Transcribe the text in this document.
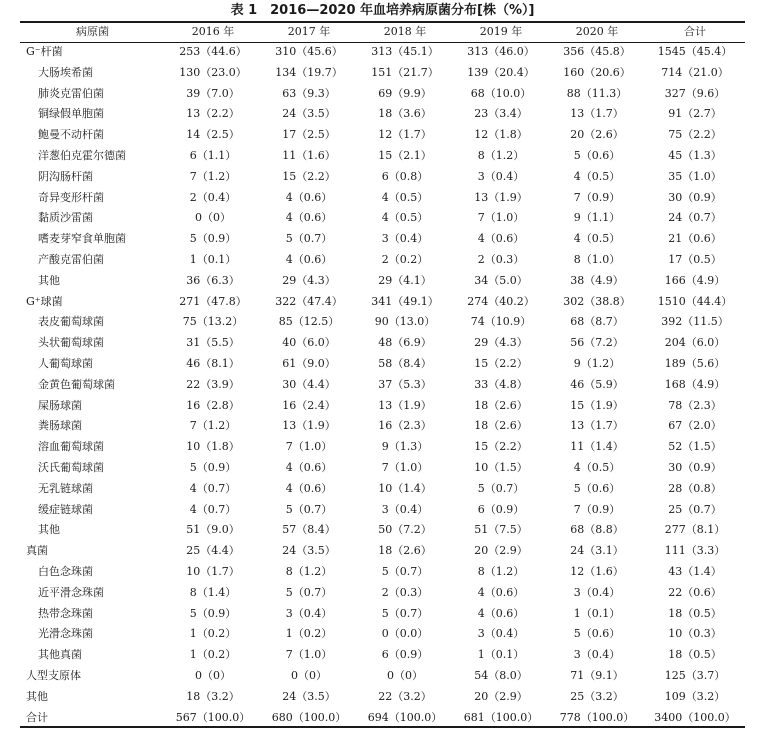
表 1　2016—2020 年血培养病原菌分布[株（%）]
病原菌	2016 年	2017 年	2018 年	2019 年	2020 年	合计
G⁻杆菌	253（44.6）	310（45.6）	313（45.1）	313（46.0）	356（45.8）	1545（45.4）
大肠埃希菌	130（23.0）	134（19.7）	151（21.7）	139（20.4）	160（20.6）	714（21.0）
肺炎克雷伯菌	39（7.0）	63（9.3）	69（9.9）	68（10.0）	88（11.3）	327（9.6）
铜绿假单胞菌	13（2.2）	24（3.5）	18（3.6）	23（3.4）	13（1.7）	91（2.7）
鲍曼不动杆菌	14（2.5）	17（2.5）	12（1.7）	12（1.8）	20（2.6）	75（2.2）
洋葱伯克霍尔德菌	6（1.1）	11（1.6）	15（2.1）	8（1.2）	5（0.6）	45（1.3）
阴沟肠杆菌	7（1.2）	15（2.2）	6（0.8）	3（0.4）	4（0.5）	35（1.0）
奇异变形杆菌	2（0.4）	4（0.6）	4（0.5）	13（1.9）	7（0.9）	30（0.9）
黏质沙雷菌	0（0）	4（0.6）	4（0.5）	7（1.0）	9（1.1）	24（0.7）
嗜麦芽窄食单胞菌	5（0.9）	5（0.7）	3（0.4）	4（0.6）	4（0.5）	21（0.6）
产酸克雷伯菌	1（0.1）	4（0.6）	2（0.2）	2（0.3）	8（1.0）	17（0.5）
其他	36（6.3）	29（4.3）	29（4.1）	34（5.0）	38（4.9）	166（4.9）
G⁺球菌	271（47.8）	322（47.4）	341（49.1）	274（40.2）	302（38.8）	1510（44.4）
表皮葡萄球菌	75（13.2）	85（12.5）	90（13.0）	74（10.9）	68（8.7）	392（11.5）
头状葡萄球菌	31（5.5）	40（6.0）	48（6.9）	29（4.3）	56（7.2）	204（6.0）
人葡萄球菌	46（8.1）	61（9.0）	58（8.4）	15（2.2）	9（1.2）	189（5.6）
金黄色葡萄球菌	22（3.9）	30（4.4）	37（5.3）	33（4.8）	46（5.9）	168（4.9）
屎肠球菌	16（2.8）	16（2.4）	13（1.9）	18（2.6）	15（1.9）	78（2.3）
粪肠球菌	7（1.2）	13（1.9）	16（2.3）	18（2.6）	13（1.7）	67（2.0）
溶血葡萄球菌	10（1.8）	7（1.0）	9（1.3）	15（2.2）	11（1.4）	52（1.5）
沃氏葡萄球菌	5（0.9）	4（0.6）	7（1.0）	10（1.5）	4（0.5）	30（0.9）
无乳链球菌	4（0.7）	4（0.6）	10（1.4）	5（0.7）	5（0.6）	28（0.8）
缓症链球菌	4（0.7）	5（0.7）	3（0.4）	6（0.9）	7（0.9）	25（0.7）
其他	51（9.0）	57（8.4）	50（7.2）	51（7.5）	68（8.8）	277（8.1）
真菌	25（4.4）	24（3.5）	18（2.6）	20（2.9）	24（3.1）	111（3.3）
白色念珠菌	10（1.7）	8（1.2）	5（0.7）	8（1.2）	12（1.6）	43（1.4）
近平滑念珠菌	8（1.4）	5（0.7）	2（0.3）	4（0.6）	3（0.4）	22（0.6）
热带念珠菌	5（0.9）	3（0.4）	5（0.7）	4（0.6）	1（0.1）	18（0.5）
光滑念珠菌	1（0.2）	1（0.2）	0（0.0）	3（0.4）	5（0.6）	10（0.3）
其他真菌	1（0.2）	7（1.0）	6（0.9）	1（0.1）	3（0.4）	18（0.5）
人型支原体	0（0）	0（0）	0（0）	54（8.0）	71（9.1）	125（3.7）
其他	18（3.2）	24（3.5）	22（3.2）	20（2.9）	25（3.2）	109（3.2）
合计	567（100.0）	680（100.0）	694（100.0）	681（100.0）	778（100.0）	3400（100.0）
